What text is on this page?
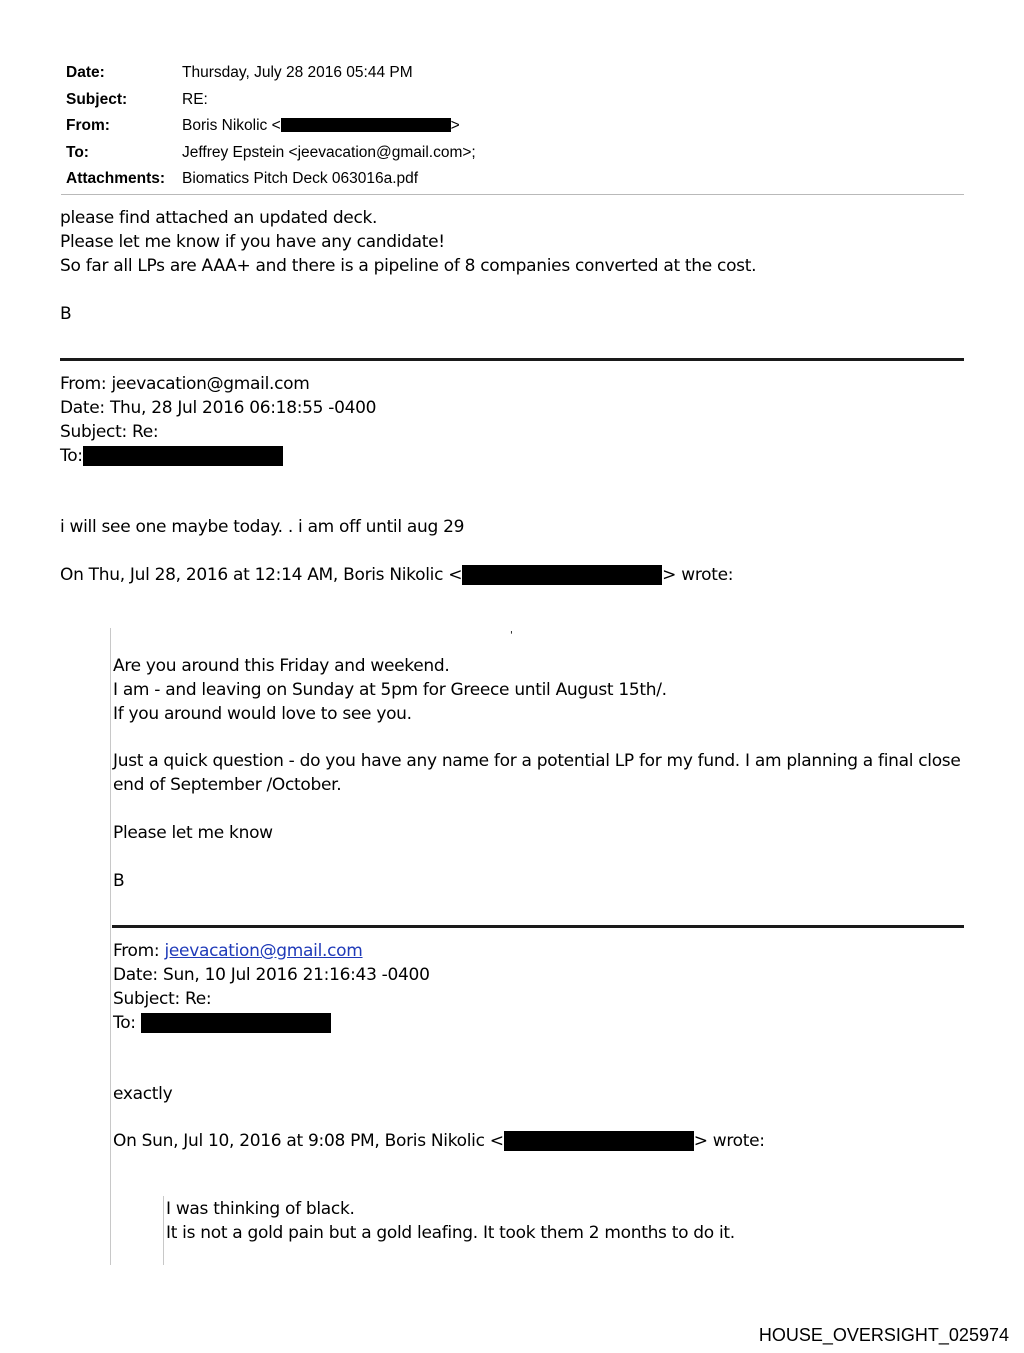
Date:	Thursday, July 28 2016 05:44 PM
Subject:	RE:
From:	Boris Nikolic <	>
To:	Jeffrey Epstein <jeevacation@gmail.com>;
Attachments: Biomatics Pitch Deck 063016a.pdf
please find attached an updated deck.
Please let me know if you have any candidate!
So far all LPs are AAA+ and there is a pipeline of 8 companies converted at the cost.
B
From: jeevacation@gmail.com
Date: Thu, 28 Jul 2016 06:18:55 -0400
Subject: Re:
To:
i will see one maybe today. . i am off until aug 29
On Thu, Jul 28, 2016 at 12:14 AM, Boris Nikolic <	> wrote:
'
Are you around this Friday and weekend.
I am - and leaving on Sunday at 5pm for Greece until August 15th/.
If you around would love to see you.
Just a quick question - do you have any name for a potential LP for my fund. I am planning a final close
end of September /October.
Please let me know
B
From: jeevacation@gmail.com
Date: Sun, 10 Jul 2016 21:16:43 -0400
Subject: Re:
To:
exactly
On Sun, Jul 10, 2016 at 9:08 PM, Boris Nikolic <	> wrote:
I was thinking of black.
It is not a gold pain but a gold leafing. It took them 2 months to do it.
HOUSE_OVERSIGHT_025974
